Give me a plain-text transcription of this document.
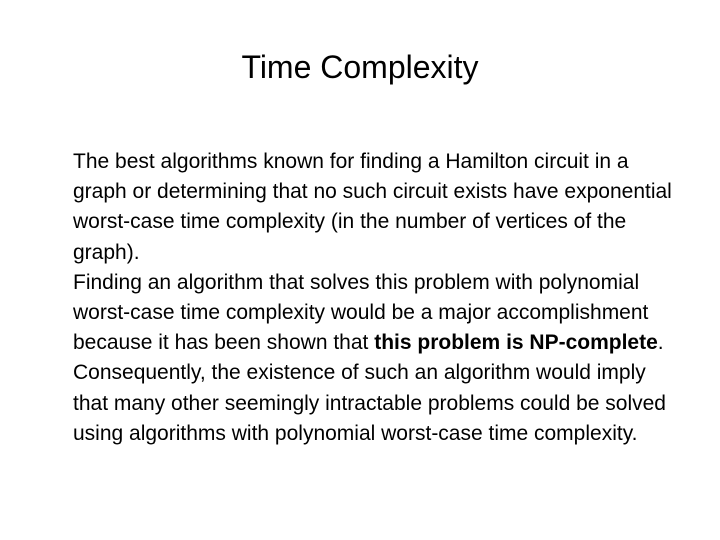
Time Complexity

The best algorithms known for finding a Hamilton circuit in a graph or determining that no such circuit exists have exponential worst-case time complexity (in the number of vertices of the graph).

Finding an algorithm that solves this problem with polynomial worst-case time complexity would be a major accomplishment because it has been shown that this problem is NP-complete. Consequently, the existence of such an algorithm would imply that many other seemingly intractable problems could be solved using algorithms with polynomial worst-case time complexity.
